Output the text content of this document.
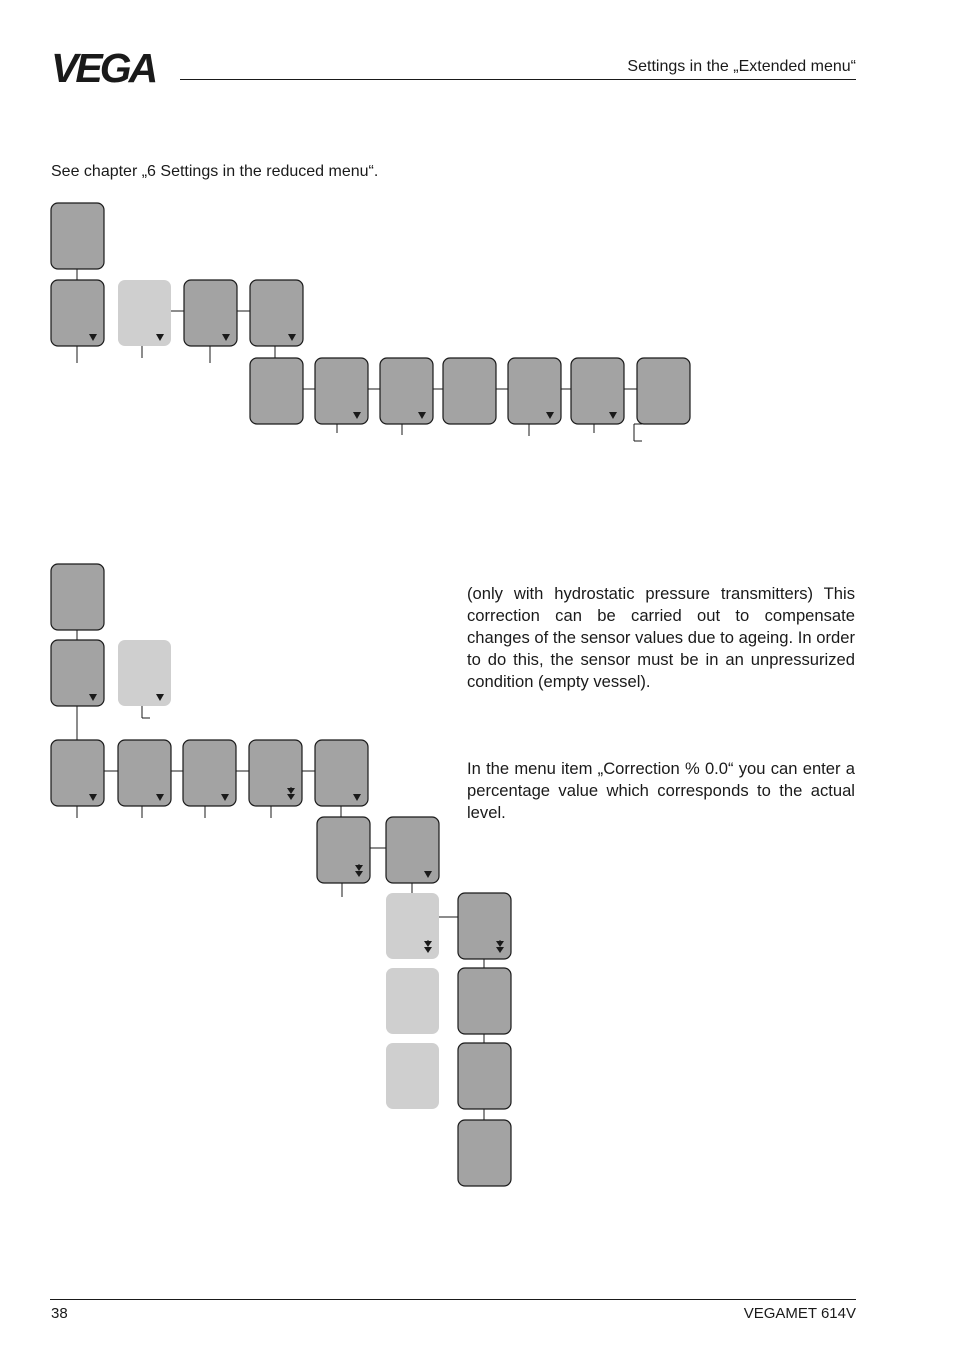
VEGA	Settings in the „Extended menu“
See chapter „6 Settings in the reduced menu“.
(only with hydrostatic pressure transmitters) This correction can be carried out to compensate changes of the sensor values due to ageing. In order to do this, the sensor must be in an unpressurized condition (empty vessel).
In the menu item „Correction % 0.0“ you can enter a percentage value which corresponds to the actual level.
38	VEGAMET 614V
